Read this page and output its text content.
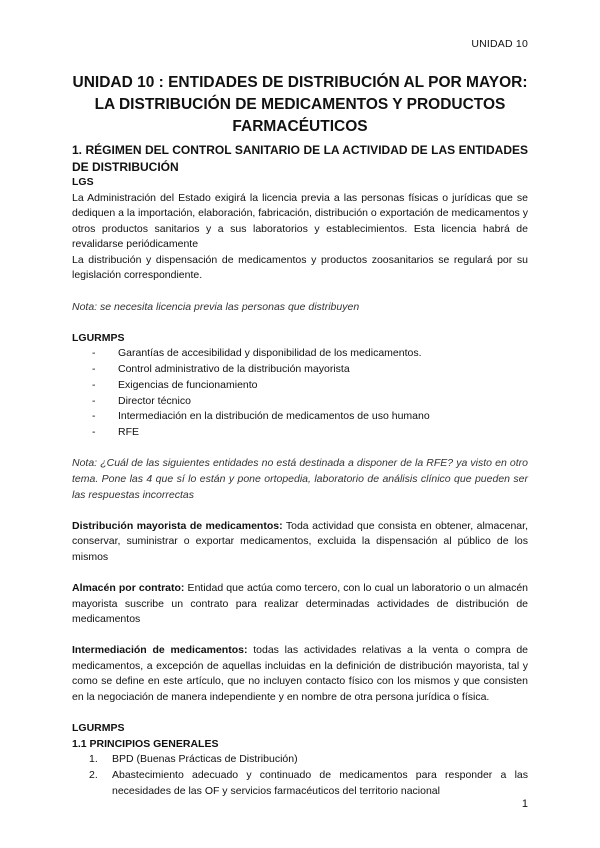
UNIDAD 10
UNIDAD 10 : ENTIDADES DE DISTRIBUCIÓN AL POR MAYOR: LA DISTRIBUCIÓN DE MEDICAMENTOS Y PRODUCTOS FARMACÉUTICOS
1. RÉGIMEN DEL CONTROL SANITARIO DE LA ACTIVIDAD DE LAS ENTIDADES DE DISTRIBUCIÓN
LGS
La Administración del Estado exigirá la licencia previa a las personas físicas o jurídicas que se dediquen a la importación, elaboración, fabricación, distribución o exportación de medicamentos y otros productos sanitarios y a sus laboratorios y establecimientos. Esta licencia habrá de revalidarse periódicamente
La distribución y dispensación de medicamentos y productos zoosanitarios se regulará por su legislación correspondiente.
Nota: se necesita licencia previa las personas que distribuyen
LGURMPS
- Garantías de accesibilidad y disponibilidad de los medicamentos.
- Control administrativo de la distribución mayorista
- Exigencias de funcionamiento
- Director técnico
- Intermediación en la distribución de medicamentos de uso humano
- RFE
Nota: ¿Cuál de las siguientes entidades no está destinada a disponer de la RFE? ya visto en otro tema. Pone las 4 que sí lo están y pone ortopedia, laboratorio de análisis clínico que pueden ser las respuestas incorrectas
Distribución mayorista de medicamentos: Toda actividad que consista en obtener, almacenar, conservar, suministrar o exportar medicamentos, excluida la dispensación al público de los mismos
Almacén por contrato: Entidad que actúa como tercero, con lo cual un laboratorio o un almacén mayorista suscribe un contrato para realizar determinadas actividades de distribución de medicamentos
Intermediación de medicamentos: todas las actividades relativas a la venta o compra de medicamentos, a excepción de aquellas incluidas en la definición de distribución mayorista, tal y como se define en este artículo, que no incluyen contacto físico con los mismos y que consisten en la negociación de manera independiente y en nombre de otra persona jurídica o física.
LGURMPS
1.1 PRINCIPIOS GENERALES
1. BPD (Buenas Prácticas de Distribución)
2. Abastecimiento adecuado y continuado de medicamentos para responder a las necesidades de las OF y servicios farmacéuticos del territorio nacional
1
